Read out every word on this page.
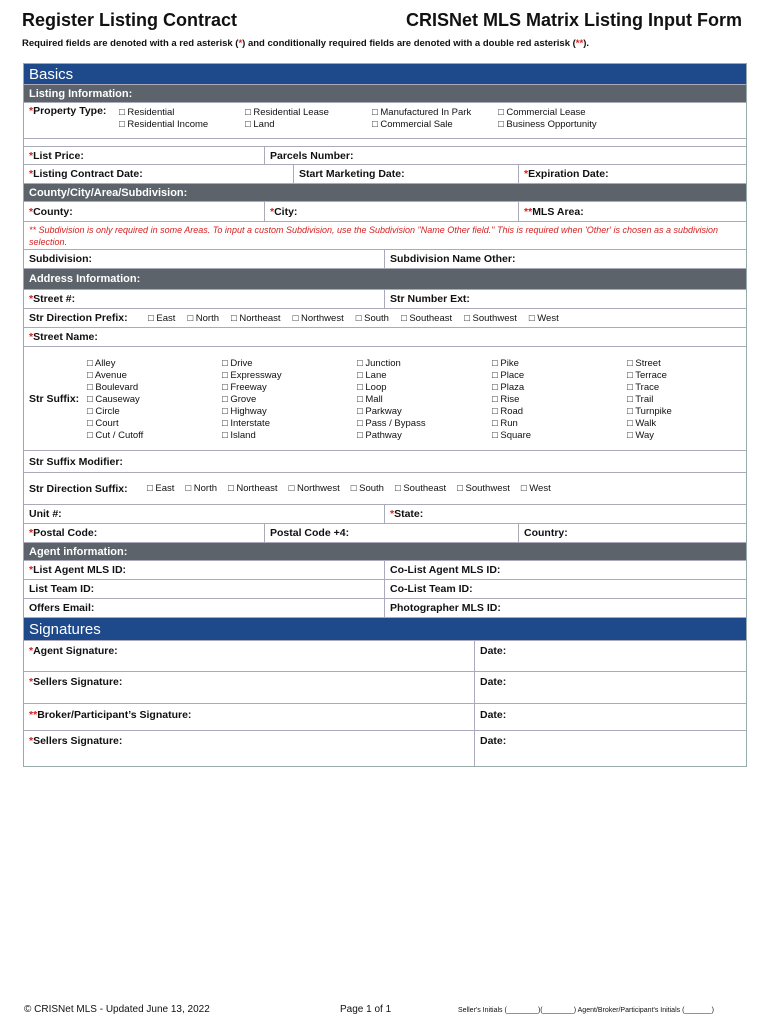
Register Listing Contract	CRISNet MLS Matrix Listing Input Form
Required fields are denoted with a red asterisk (*) and conditionally required fields are denoted with a double red asterisk (**).
Basics
Listing Information:
* Property Type: □ Residential
□ Residential Income
□ Residential Lease
□ Land
□ Manufactured In Park
□ Commercial Sale
□ Commercial Lease
□ Business Opportunity
* List Price:	Parcels Number:
* Listing Contract Date:	Start Marketing Date:	* Expiration Date:
County/City/Area/Subdivision:
* County:	* City:	** MLS Area:
** Subdivision is only required in some Areas. To input a custom Subdivision, use the Subdivision "Name Other field." This is required when 'Other' is chosen as a subdivision selection.
Subdivision:	Subdivision Name Other:
Address Information:
* Street #:	Str Number Ext:
Str Direction Prefix:	□ East □ North □ Northeast □ Northwest □ South □ Southeast □ Southwest □ West
* Street Name:
Str Suffix:
□ Alley
□ Avenue
□ Boulevard
□ Causeway
□ Circle
□ Court
□ Cut / Cutoff
□ Drive
□ Expressway
□ Freeway
□ Grove
□ Highway
□ Interstate
□ Island
□ Junction
□ Lane
□ Loop
□ Mall
□ Parkway
□ Pass / Bypass
□ Pathway
□ Pike
□ Place
□ Plaza
□ Rise
□ Road
□ Run
□ Square
□ Street
□ Terrace
□ Trace
□ Trail
□ Turnpike
□ Walk
□ Way
Str Suffix Modifier:
Str Direction Suffix:	□ East □ North □ Northeast □ Northwest □ South □ Southeast □ Southwest □ West
Unit #:	* State:
* Postal Code:	Postal Code +4:	Country:
Agent information:
* List Agent MLS ID:	Co-List Agent MLS ID:
List Team ID:	Co-List Team ID:
Offers Email:	Photographer MLS ID:
Signatures
* Agent Signature:	Date:
* Sellers Signature:	Date:
** Broker/Participant’s Signature:	Date:
* Sellers Signature:	Date:
© CRISNet MLS - Updated June 13, 2022	Page 1 of 1	Seller's Initials (________)(________) Agent/Broker/Participant's Initials (_______)
